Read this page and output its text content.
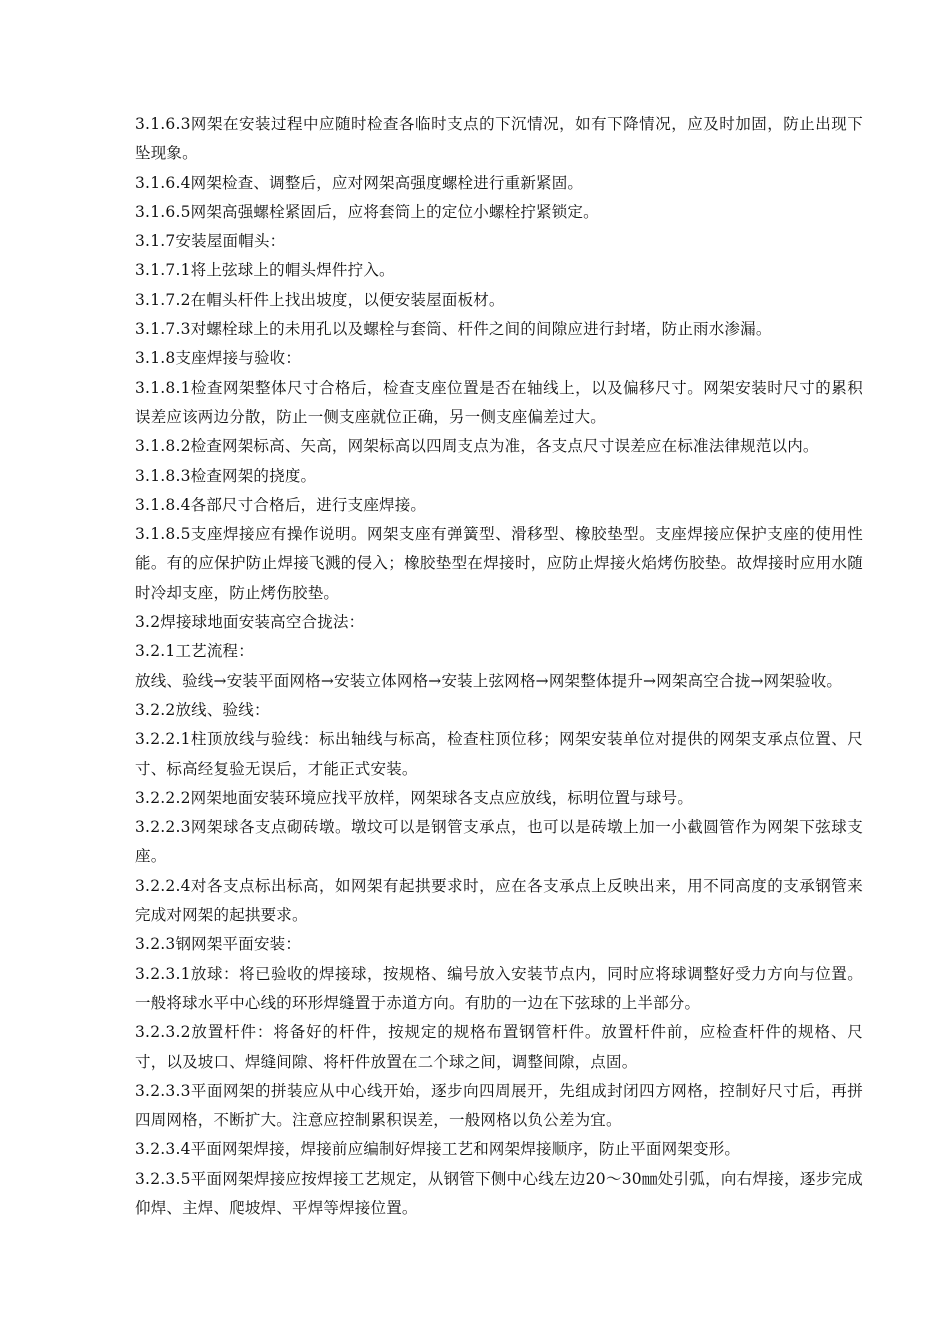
3.1.6.3网架在安装过程中应随时检查各临时支点的下沉情况，如有下降情况，应及时加固，防止出现下坠现象。

3.1.6.4网架检查、调整后，应对网架高强度螺栓进行重新紧固。

3.1.6.5网架高强螺栓紧固后，应将套筒上的定位小螺栓拧紧锁定。

3.1.7安装屋面帽头：

3.1.7.1将上弦球上的帽头焊件拧入。

3.1.7.2在帽头杆件上找出坡度，以便安装屋面板材。

3.1.7.3对螺栓球上的未用孔以及螺栓与套筒、杆件之间的间隙应进行封堵，防止雨水渗漏。

3.1.8支座焊接与验收：

3.1.8.1检查网架整体尺寸合格后，检查支座位置是否在轴线上，以及偏移尺寸。网架安装时尺寸的累积误差应该两边分散，防止一侧支座就位正确，另一侧支座偏差过大。

3.1.8.2检查网架标高、矢高，网架标高以四周支点为准，各支点尺寸误差应在标准法律规范以内。

3.1.8.3检查网架的挠度。

3.1.8.4各部尺寸合格后，进行支座焊接。

3.1.8.5支座焊接应有操作说明。网架支座有弹簧型、滑移型、橡胶垫型。支座焊接应保护支座的使用性能。有的应保护防止焊接飞溅的侵入；橡胶垫型在焊接时，应防止焊接火焰烤伤胶垫。故焊接时应用水随时冷却支座，防止烤伤胶垫。

3.2焊接球地面安装高空合拢法：

3.2.1工艺流程：

放线、验线→安装平面网格→安装立体网格→安装上弦网格→网架整体提升→网架高空合拢→网架验收。

3.2.2放线、验线：

3.2.2.1柱顶放线与验线：标出轴线与标高，检查柱顶位移；网架安装单位对提供的网架支承点位置、尺寸、标高经复验无误后，才能正式安装。

3.2.2.2网架地面安装环境应找平放样，网架球各支点应放线，标明位置与球号。

3.2.2.3网架球各支点砌砖墩。墩坟可以是钢管支承点，也可以是砖墩上加一小截圆管作为网架下弦球支座。

3.2.2.4对各支点标出标高，如网架有起拱要求时，应在各支承点上反映出来，用不同高度的支承钢管来完成对网架的起拱要求。

3.2.3钢网架平面安装：

3.2.3.1放球：将已验收的焊接球，按规格、编号放入安装节点内，同时应将球调整好受力方向与位置。一般将球水平中心线的环形焊缝置于赤道方向。有肋的一边在下弦球的上半部分。

3.2.3.2放置杆件：将备好的杆件，按规定的规格布置钢管杆件。放置杆件前，应检查杆件的规格、尺寸，以及坡口、焊缝间隙、将杆件放置在二个球之间，调整间隙，点固。

3.2.3.3平面网架的拼装应从中心线开始，逐步向四周展开，先组成封闭四方网格，控制好尺寸后，再拼四周网格，不断扩大。注意应控制累积误差，一般网格以负公差为宜。

3.2.3.4平面网架焊接，焊接前应编制好焊接工艺和网架焊接顺序，防止平面网架变形。

3.2.3.5平面网架焊接应按焊接工艺规定，从钢管下侧中心线左边20～30㎜处引弧，向右焊接，逐步完成仰焊、主焊、爬坡焊、平焊等焊接位置。
